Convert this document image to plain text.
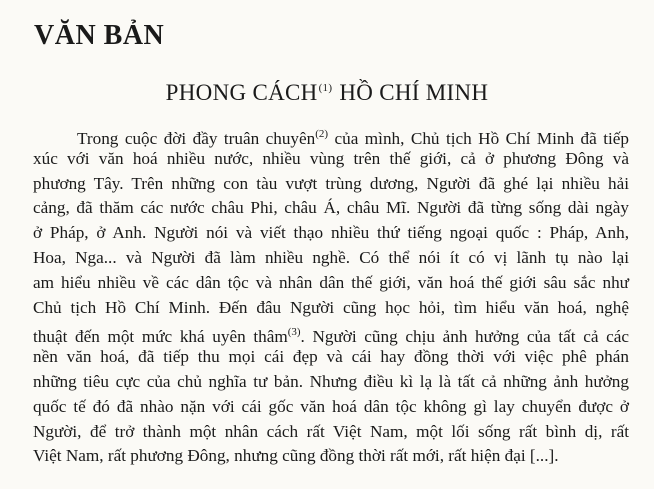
VĂN BẢN
PHONG CÁCH$^{(1)}$ HỒ CHÍ MINH
Trong cuộc đời đầy truân chuyên$^{(2)}$ của mình, Chủ tịch Hồ Chí Minh đã tiếp
xúc với văn hoá nhiều nước, nhiều vùng trên thế giới, cả ở phương Đông và
phương Tây. Trên những con tàu vượt trùng dương, Người đã ghé lại nhiều hải
cảng, đã thăm các nước châu Phi, châu Á, châu Mĩ. Người đã từng sống dài ngày
ở Pháp, ở Anh. Người nói và viết thạo nhiều thứ tiếng ngoại quốc : Pháp, Anh,
Hoa, Nga... và Người đã làm nhiều nghề. Có thể nói ít có vị lãnh tụ nào lại
am hiểu nhiều về các dân tộc và nhân dân thế giới, văn hoá thế giới sâu sắc như
Chủ tịch Hồ Chí Minh. Đến đâu Người cũng học hỏi, tìm hiểu văn hoá, nghệ
thuật đến một mức khá uyên thâm$^{(3)}$. Người cũng chịu ảnh hưởng của tất cả các
nền văn hoá, đã tiếp thu mọi cái đẹp và cái hay đồng thời với việc phê phán
những tiêu cực của chủ nghĩa tư bản. Nhưng điều kì lạ là tất cả những ảnh hưởng
quốc tế đó đã nhào nặn với cái gốc văn hoá dân tộc không gì lay chuyển được ở
Người, để trở thành một nhân cách rất Việt Nam, một lối sống rất bình dị, rất
Việt Nam, rất phương Đông, nhưng cũng đồng thời rất mới, rất hiện đại [...].
